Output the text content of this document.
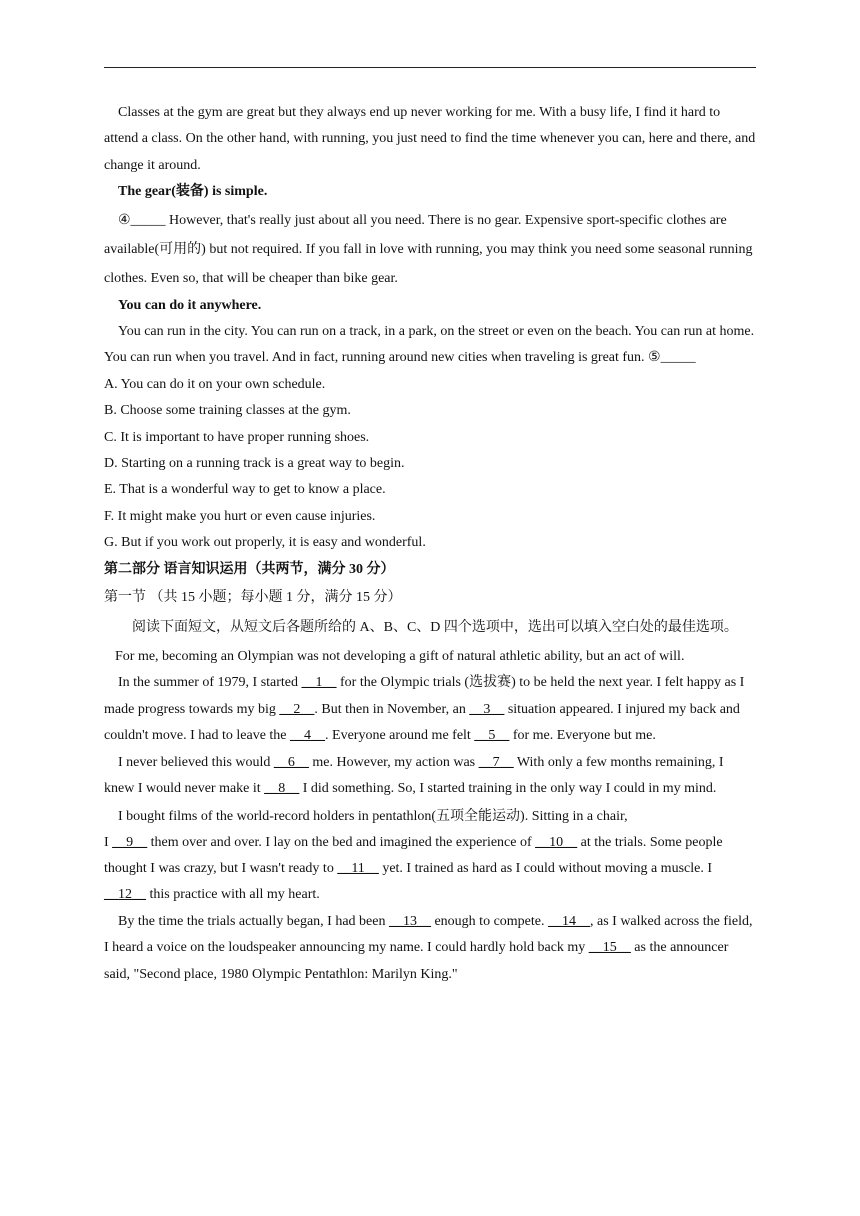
Classes at the gym are great but they always end up never working for me. With a busy life, I find it hard to attend a class. On the other hand, with running, you just need to find the time whenever you can, here and there, and change it around.

The gear(装备) is simple.

④_____ However, that's really just about all you need. There is no gear. Expensive sport-specific clothes are available(可用的) but not required. If you fall in love with running, you may think you need some seasonal running clothes. Even so, that will be cheaper than bike gear.

You can do it anywhere.

You can run in the city. You can run on a track, in a park, on the street or even on the beach. You can run at home. You can run when you travel. And in fact, running around new cities when traveling is great fun. ⑤_____

A. You can do it on your own schedule.

B. Choose some training classes at the gym.

C. It is important to have proper running shoes.

D. Starting on a running track is a great way to begin.

E. That is a wonderful way to get to know a place.

F. It might make you hurt or even cause injuries.

G. But if you work out properly, it is easy and wonderful.

第二部分 语言知识运用（共两节，满分 30 分）

第一节 （共 15 小题；每小题 1 分，满分 15 分）

阅读下面短文，从短文后各题所给的 A、B、C、D 四个选项中，选出可以填入空白处的最佳选项。

For me, becoming an Olympian was not developing a gift of natural athletic ability, but an act of will.

In the summer of 1979, I started __1__ for the Olympic trials (选拔赛) to be held the next year. I felt happy as I made progress towards my big __2__. But then in November, an __3__ situation appeared. I injured my back and couldn't move. I had to leave the __4__. Everyone around me felt __5__ for me. Everyone but me.

I never believed this would __6__ me. However, my action was __7__ With only a few months remaining, I knew I would never make it __8__ I did something. So, I started training in the only way I could in my mind.

I bought films of the world-record holders in pentathlon(五项全能运动). Sitting in a chair,

I __9__ them over and over. I lay on the bed and imagined the experience of __10__ at the trials. Some people thought I was crazy, but I wasn't ready to __11__ yet. I trained as hard as I could without moving a muscle. I __12__ this practice with all my heart.

By the time the trials actually began, I had been __13__ enough to compete. __14__, as I walked across the field, I heard a voice on the loudspeaker announcing my name. I could hardly hold back my __15__ as the announcer said, "Second place, 1980 Olympic Pentathlon: Marilyn King."
